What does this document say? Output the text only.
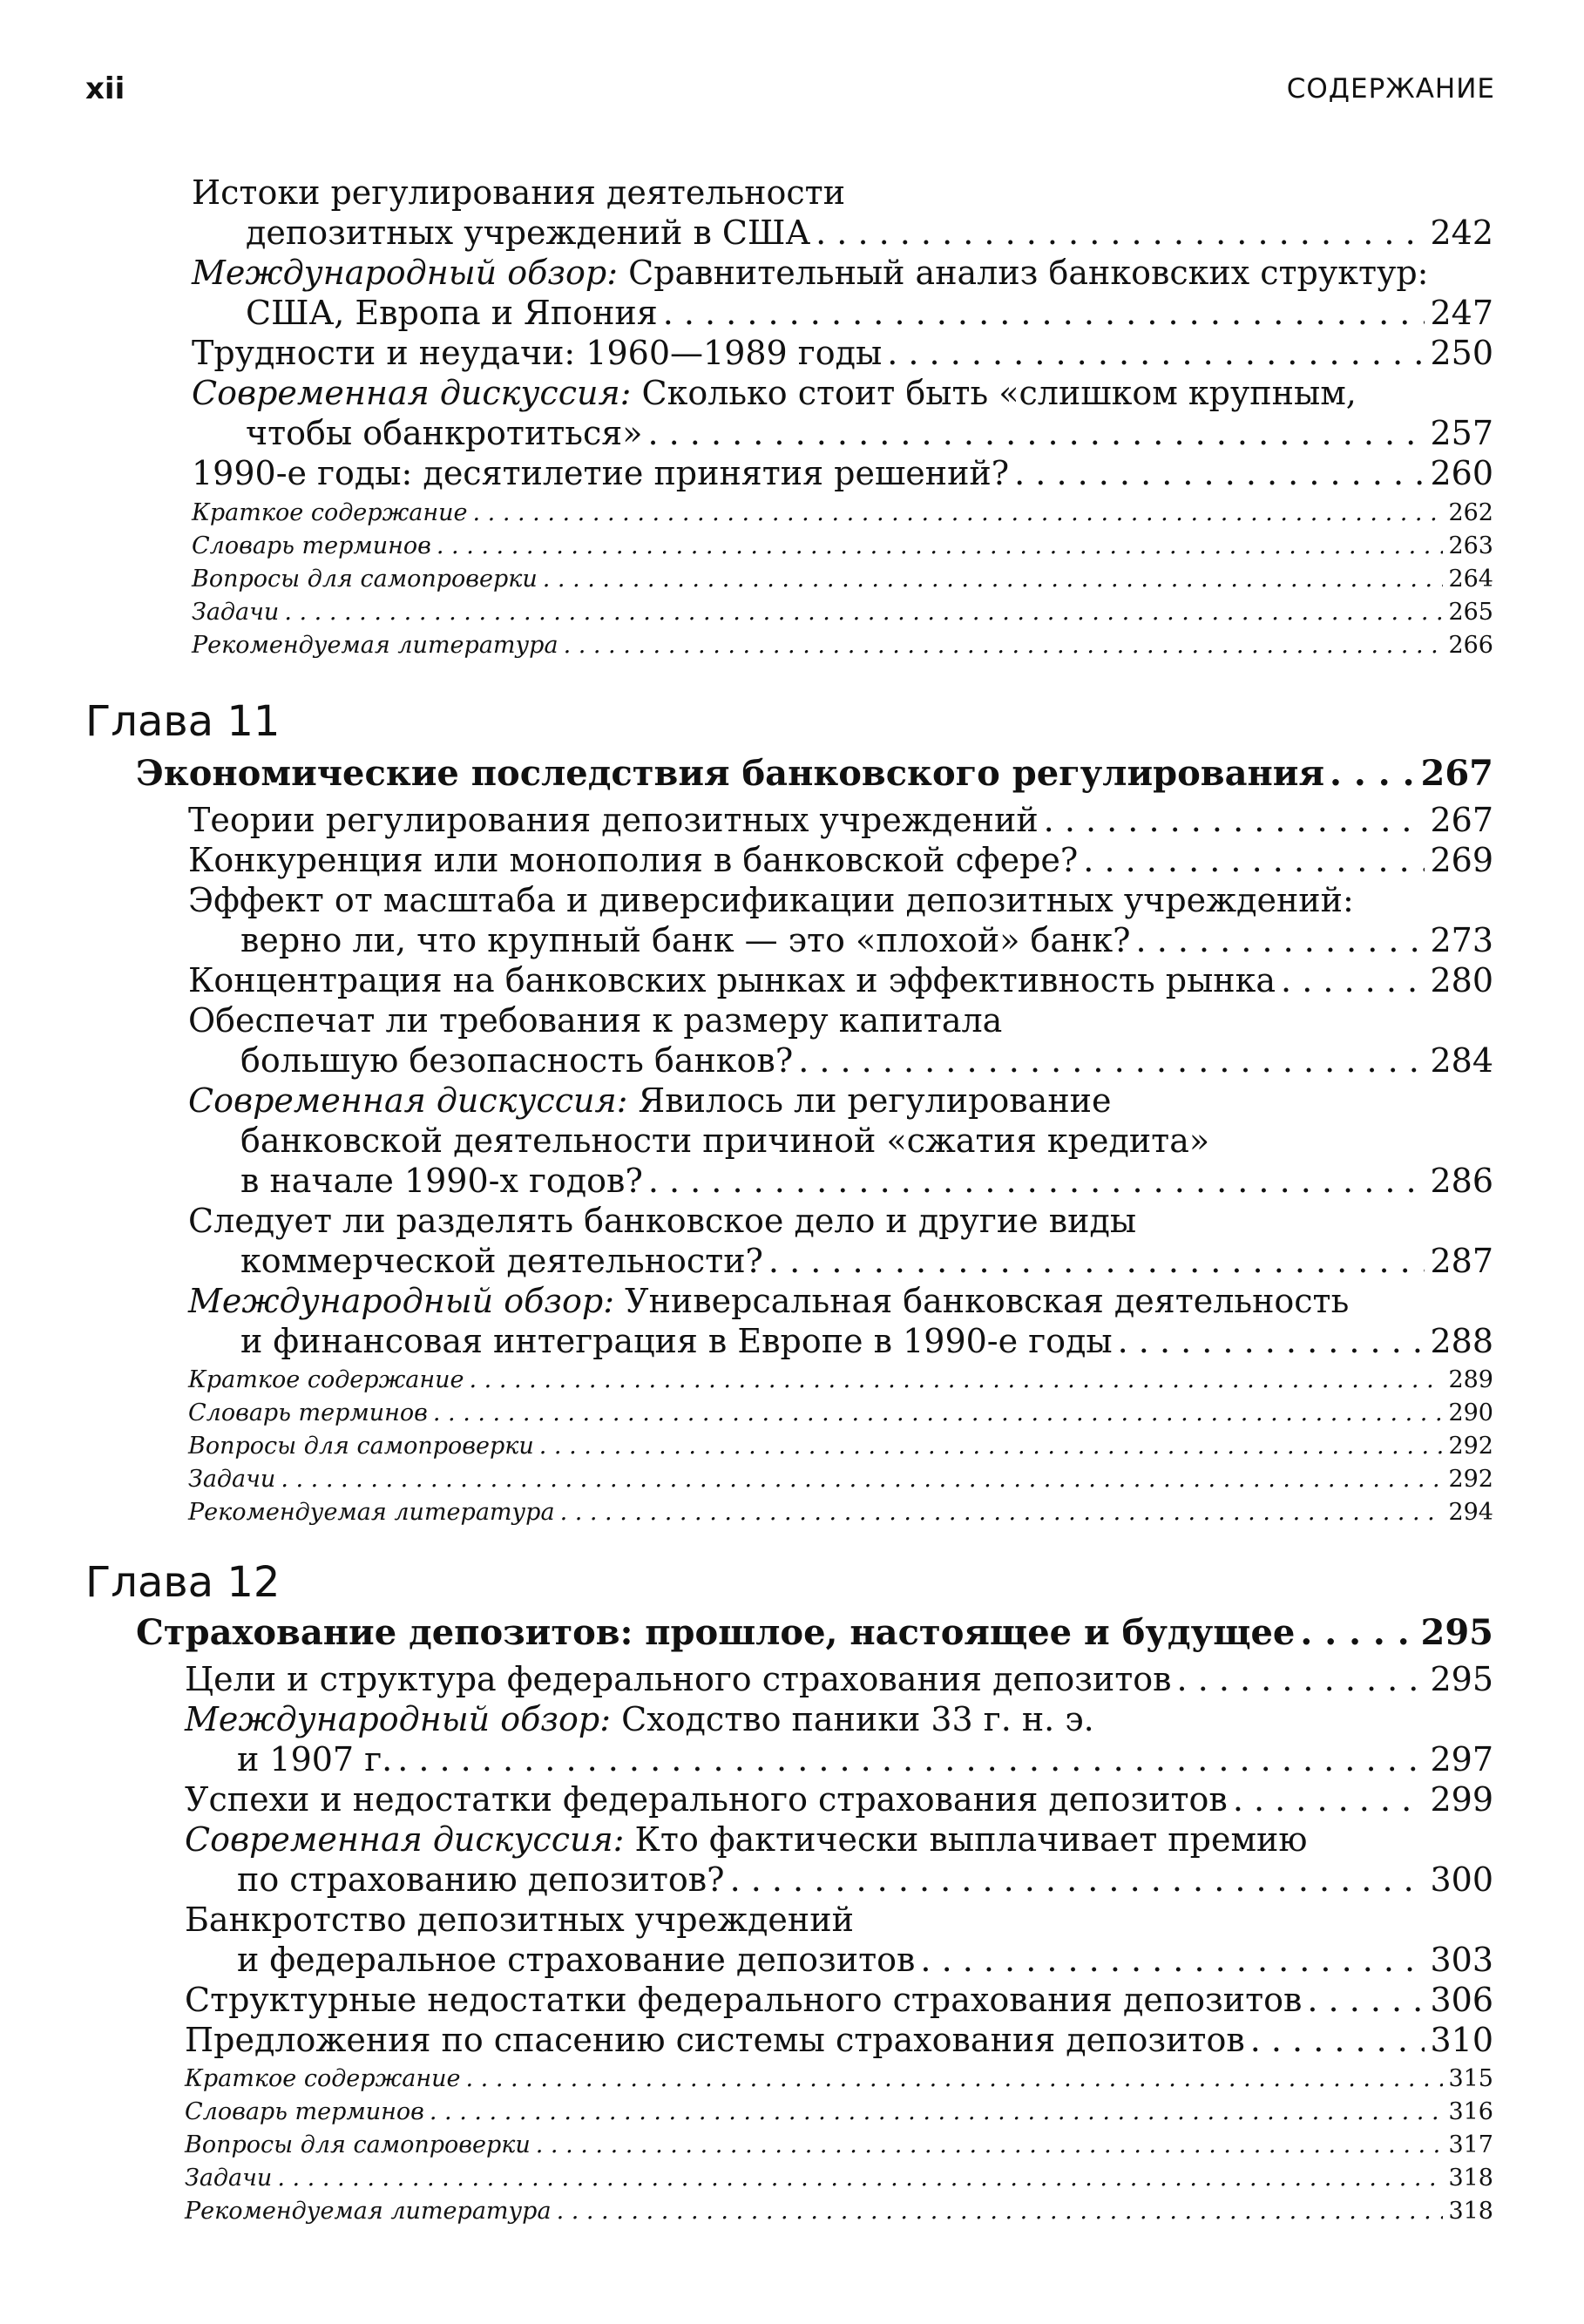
xii	СОДЕРЖАНИЕ
Истоки регулирования деятельности
депозитных учреждений в США . . .	242
Международный обзор:
Сравнительный анализ банковских структур:
США, Европа и Япония . . .	247
Трудности и неудачи: 1960—1989 годы . . .	250
Современная дискуссия:
Сколько стоит быть «слишком крупным,
чтобы обанкротиться» . . .	257
1990-е годы: десятилетие принятия решений? . . .	260
Краткое содержание . . .	262
Словарь терминов . . .	263
Вопросы для самопроверки . . .	264
Задачи . . .	265
Рекомендуемая литература . . .	266
Глава 11
Экономические последствия банковского регулирования . . .	267
Теории регулирования депозитных учреждений . . .	267
Конкуренция или монополия в банковской сфере? . . .	269
Эффект от масштаба и диверсификации депозитных учреждений:
верно ли, что крупный банк — это «плохой» банк? . . .	273
Концентрация на банковских рынках и эффективность рынка . . .	280
Обеспечат ли требования к размеру капитала
большую безопасность банков? . . .	284
Современная дискуссия:
Явилось ли регулирование
банковской деятельности причиной «сжатия кредита»
в начале 1990-х годов? . . .	286
Следует ли разделять банковское дело и другие виды
коммерческой деятельности? . . .	287
Международный обзор:
Универсальная банковская деятельность
и финансовая интеграция в Европе в 1990-е годы . . .	288
Краткое содержание . . .	289
Словарь терминов . . .	290
Вопросы для самопроверки . . .	292
Задачи . . .	292
Рекомендуемая литература . . .	294
Глава 12
Страхование депозитов: прошлое, настоящее и будущее . . .	295
Цели и структура федерального страхования депозитов . . .	295
Международный обзор:
Сходство паники 33 г. н. э.
и 1907 г. . . .	297
Успехи и недостатки федерального страхования депозитов . . .	299
Современная дискуссия:
Кто фактически выплачивает премию
по страхованию депозитов? . . .	300
Банкротство депозитных учреждений
и федеральное страхование депозитов . . .	303
Структурные недостатки федерального страхования депозитов . . .	306
Предложения по спасению системы страхования депозитов . . .	310
Краткое содержание . . .	315
Словарь терминов . . .	316
Вопросы для самопроверки . . .	317
Задачи . . .	318
Рекомендуемая литература . . .	318
